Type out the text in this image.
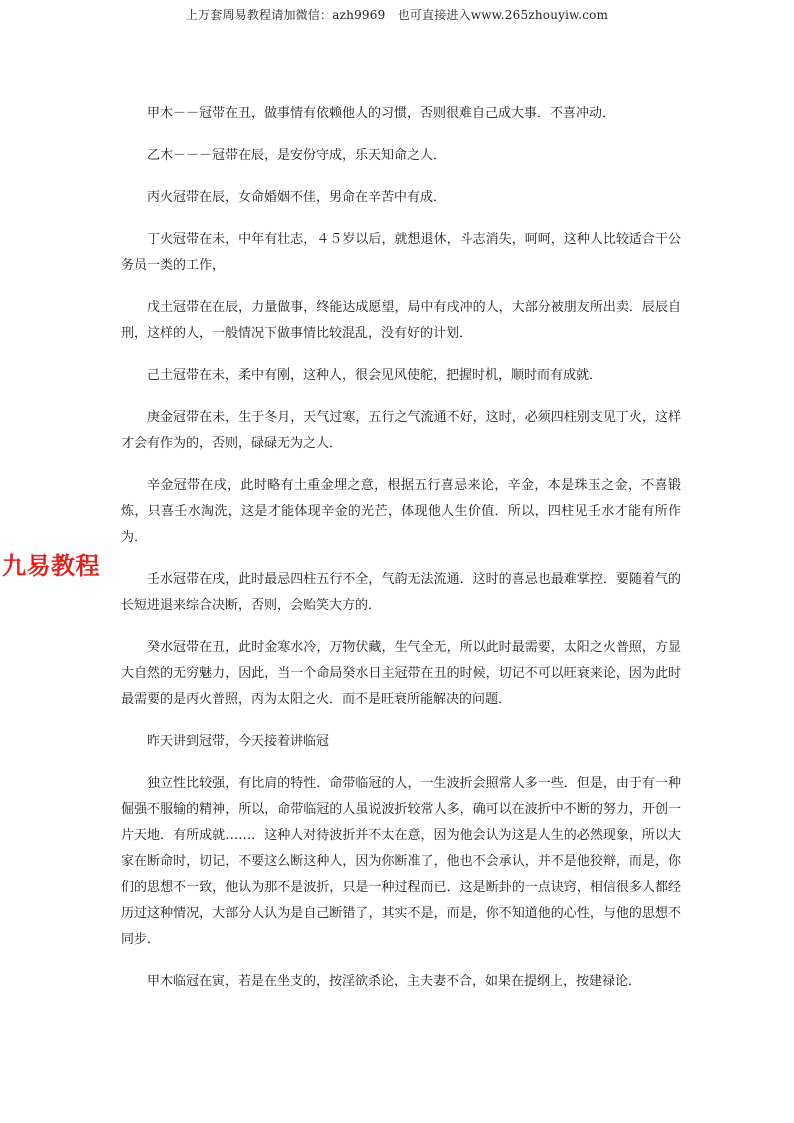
上万套周易教程请加微信：azh9969　也可直接进入www.265zhouyiw.com
九易教程

甲木－－冠带在丑，做事情有依赖他人的习惯，否则很难自己成大事．不喜冲动．

乙木－－－冠带在辰，是安份守成，乐天知命之人．

丙火冠带在辰，女命婚姻不佳，男命在辛苦中有成．

丁火冠带在未，中年有壮志，４５岁以后，就想退休，斗志消失，呵呵，这种人比较适合干公务员一类的工作，

戊土冠带在在辰，力量做事，终能达成愿望，局中有戌冲的人，大部分被朋友所出卖．辰辰自刑，这样的人，一般情况下做事情比较混乱，没有好的计划．

己土冠带在未，柔中有刚，这种人，很会见风使舵，把握时机，顺时而有成就．

庚金冠带在未，生于冬月，天气过寒，五行之气流通不好，这时，必须四柱别支见丁火，这样才会有作为的，否则，碌碌无为之人．

辛金冠带在戌，此时略有土重金埋之意，根据五行喜忌来论，辛金，本是珠玉之金，不喜锻炼，只喜壬水淘洗，这是才能体现辛金的光芒，体现他人生价值．所以，四柱见壬水才能有所作为．

壬水冠带在戌，此时最忌四柱五行不全，气韵无法流通．这时的喜忌也最难掌控．要随着气的长短进退来综合决断，否则，会贻笑大方的．

癸水冠带在丑，此时金寒水冷，万物伏藏，生气全无，所以此时最需要，太阳之火普照，方显大自然的无穷魅力，因此，当一个命局癸水日主冠带在丑的时候，切记不可以旺衰来论，因为此时最需要的是丙火普照，丙为太阳之火．而不是旺衰所能解决的问题．

昨天讲到冠带，今天接着讲临冠

独立性比较强，有比肩的特性．命带临冠的人，一生波折会照常人多一些．但是，由于有一种倔强不服输的精神，所以，命带临冠的人虽说波折较常人多，确可以在波折中不断的努力，开创一片天地．有所成就……．这种人对待波折并不太在意，因为他会认为这是人生的必然现象，所以大家在断命时，切记，不要这么断这种人，因为你断准了，他也不会承认，并不是他狡辩，而是，你们的思想不一致，他认为那不是波折，只是一种过程而已．这是断卦的一点诀窍，相信很多人都经历过这种情况，大部分人认为是自己断错了，其实不是，而是，你不知道他的心性，与他的思想不同步．

甲木临冠在寅，若是在坐支的，按淫欲杀论，主夫妻不合，如果在提纲上，按建禄论．
